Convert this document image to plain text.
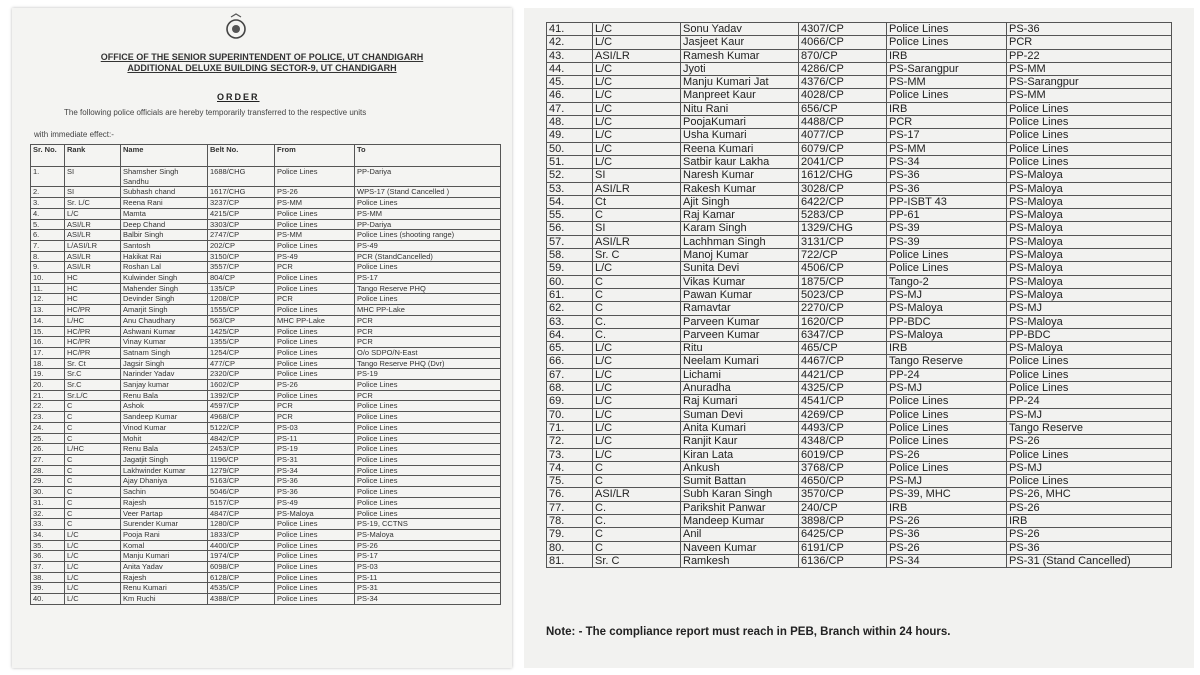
OFFICE OF THE SENIOR SUPERINTENDENT OF POLICE, UT CHANDIGARH
ADDITIONAL DELUXE BUILDING SECTOR-9, UT CHANDIGARH
ORDER
The following police officials are hereby temporarily transferred to the respective units
with immediate effect:-
Sr. No.	Rank	Name	Belt No.	From	To
1.	SI	Shamsher Singh Sandhu	1688/CHG	Police Lines	PP-Dariya
2.	SI	Subhash chand	1617/CHG	PS-26	WPS-17 (Stand Cancelled )
3.	Sr. L/C	Reena Rani	3237/CP	PS-MM	Police Lines
4.	L/C	Mamta	4215/CP	Police Lines	PS-MM
5.	ASI/LR	Deep Chand	3303/CP	Police Lines	PP-Dariya
6.	ASI/LR	Balbir Singh	2747/CP	PS-MM	Police Lines (shooting range)
7.	L/ASI/LR	Santosh	202/CP	Police Lines	PS-49
8.	ASI/LR	Hakikat Rai	3150/CP	PS-49	PCR (StandCancelled)
9.	ASI/LR	Roshan Lal	3557/CP	PCR	Police Lines
10.	HC	Kulwinder Singh	804/CP	Police Lines	PS-17
11.	HC	Mahender Singh	135/CP	Police Lines	Tango Reserve PHQ
12.	HC	Devinder Singh	1208/CP	PCR	Police Lines
13.	HC/PR	Amarjit Singh	1555/CP	Police Lines	MHC PP-Lake
14.	L/HC	Anu Chaudhary	563/CP	MHC PP-Lake	PCR
15.	HC/PR	Ashwani Kumar	1425/CP	Police Lines	PCR
16.	HC/PR	Vinay Kumar	1355/CP	Police Lines	PCR
17.	HC/PR	Satnam Singh	1254/CP	Police Lines	O/o SDPO/N-East
18.	Sr. Ct	Jagsir Singh	477/CP	Police Lines	Tango Reserve PHQ (Dvr)
19.	Sr.C	Narinder Yadav	2320/CP	Police Lines	PS-19
20.	Sr.C	Sanjay kumar	1602/CP	PS-26	Police Lines
21.	Sr.L/C	Renu Bala	1392/CP	Police Lines	PCR
22.	C	Ashok	4597/CP	PCR	Police Lines
23.	C	Sandeep Kumar	4968/CP	PCR	Police Lines
24.	C	Vinod Kumar	5122/CP	PS-03	Police Lines
25.	C	Mohit	4842/CP	PS-11	Police Lines
26.	L/HC	Renu Bala	2453/CP	PS-19	Police Lines
27.	C	Jagatjit Singh	1196/CP	PS-31	Police Lines
28.	C	Lakhwinder Kumar	1279/CP	PS-34	Police Lines
29.	C	Ajay Dhaniya	5163/CP	PS-36	Police Lines
30.	C	Sachin	5046/CP	PS-36	Police Lines
31.	C	Rajesh	5157/CP	PS-49	Police Lines
32.	C	Veer Partap	4847/CP	PS-Maloya	Police Lines
33.	C	Surender Kumar	1280/CP	Police Lines	PS-19, CCTNS
34.	L/C	Pooja Rani	1833/CP	Police Lines	PS-Maloya
35.	L/C	Komal	4400/CP	Police Lines	PS-26
36.	L/C	Manju Kumari	1974/CP	Police Lines	PS-17
37.	L/C	Anita Yadav	6098/CP	Police Lines	PS-03
38.	L/C	Rajesh	6128/CP	Police Lines	PS-11
39.	L/C	Renu Kumari	4535/CP	Police Lines	PS-31
40.	L/C	Km Ruchi	4388/CP	Police Lines	PS-34
41.	L/C	Sonu Yadav	4307/CP	Police Lines	PS-36
42.	L/C	Jasjeet Kaur	4066/CP	Police Lines	PCR
43.	ASI/LR	Ramesh Kumar	870/CP	IRB	PP-22
44.	L/C	Jyoti	4286/CP	PS-Sarangpur	PS-MM
45.	L/C	Manju Kumari Jat	4376/CP	PS-MM	PS-Sarangpur
46.	L/C	Manpreet Kaur	4028/CP	Police Lines	PS-MM
47.	L/C	Nitu Rani	656/CP	IRB	Police Lines
48.	L/C	PoojaKumari	4488/CP	PCR	Police Lines
49.	L/C	Usha Kumari	4077/CP	PS-17	Police Lines
50.	L/C	Reena Kumari	6079/CP	PS-MM	Police Lines
51.	L/C	Satbir kaur Lakha	2041/CP	PS-34	Police Lines
52.	SI	Naresh Kumar	1612/CHG	PS-36	PS-Maloya
53.	ASI/LR	Rakesh Kumar	3028/CP	PS-36	PS-Maloya
54.	Ct	Ajit Singh	6422/CP	PP-ISBT 43	PS-Maloya
55.	C	Raj Kamar	5283/CP	PP-61	PS-Maloya
56.	SI	Karam Singh	1329/CHG	PS-39	PS-Maloya
57.	ASI/LR	Lachhman Singh	3131/CP	PS-39	PS-Maloya
58.	Sr. C	Manoj Kumar	722/CP	Police Lines	PS-Maloya
59.	L/C	Sunita Devi	4506/CP	Police Lines	PS-Maloya
60.	C	Vikas Kumar	1875/CP	Tango-2	PS-Maloya
61.	C	Pawan Kumar	5023/CP	PS-MJ	PS-Maloya
62.	C	Ramavtar	2270/CP	PS-Maloya	PS-MJ
63.	C.	Parveen Kumar	1620/CP	PP-BDC	PS-Maloya
64.	C.	Parveen Kumar	6347/CP	PS-Maloya	PP-BDC
65.	L/C	Ritu	465/CP	IRB	PS-Maloya
66.	L/C	Neelam Kumari	4467/CP	Tango Reserve	Police Lines
67.	L/C	Lichami	4421/CP	PP-24	Police Lines
68.	L/C	Anuradha	4325/CP	PS-MJ	Police Lines
69.	L/C	Raj Kumari	4541/CP	Police Lines	PP-24
70.	L/C	Suman Devi	4269/CP	Police Lines	PS-MJ
71.	L/C	Anita Kumari	4493/CP	Police Lines	Tango Reserve
72.	L/C	Ranjit Kaur	4348/CP	Police Lines	PS-26
73.	L/C	Kiran Lata	6019/CP	PS-26	Police Lines
74.	C	Ankush	3768/CP	Police Lines	PS-MJ
75.	C	Sumit Battan	4650/CP	PS-MJ	Police Lines
76.	ASI/LR	Subh Karan Singh	3570/CP	PS-39, MHC	PS-26, MHC
77.	C.	Parikshit Panwar	240/CP	IRB	PS-26
78.	C.	Mandeep Kumar	3898/CP	PS-26	IRB
79.	C	Anil	6425/CP	PS-36	PS-26
80.	C	Naveen Kumar	6191/CP	PS-26	PS-36
81.	Sr. C	Ramkesh	6136/CP	PS-34	PS-31 (Stand Cancelled)
Note: - The compliance report must reach in PEB, Branch within 24 hours.
